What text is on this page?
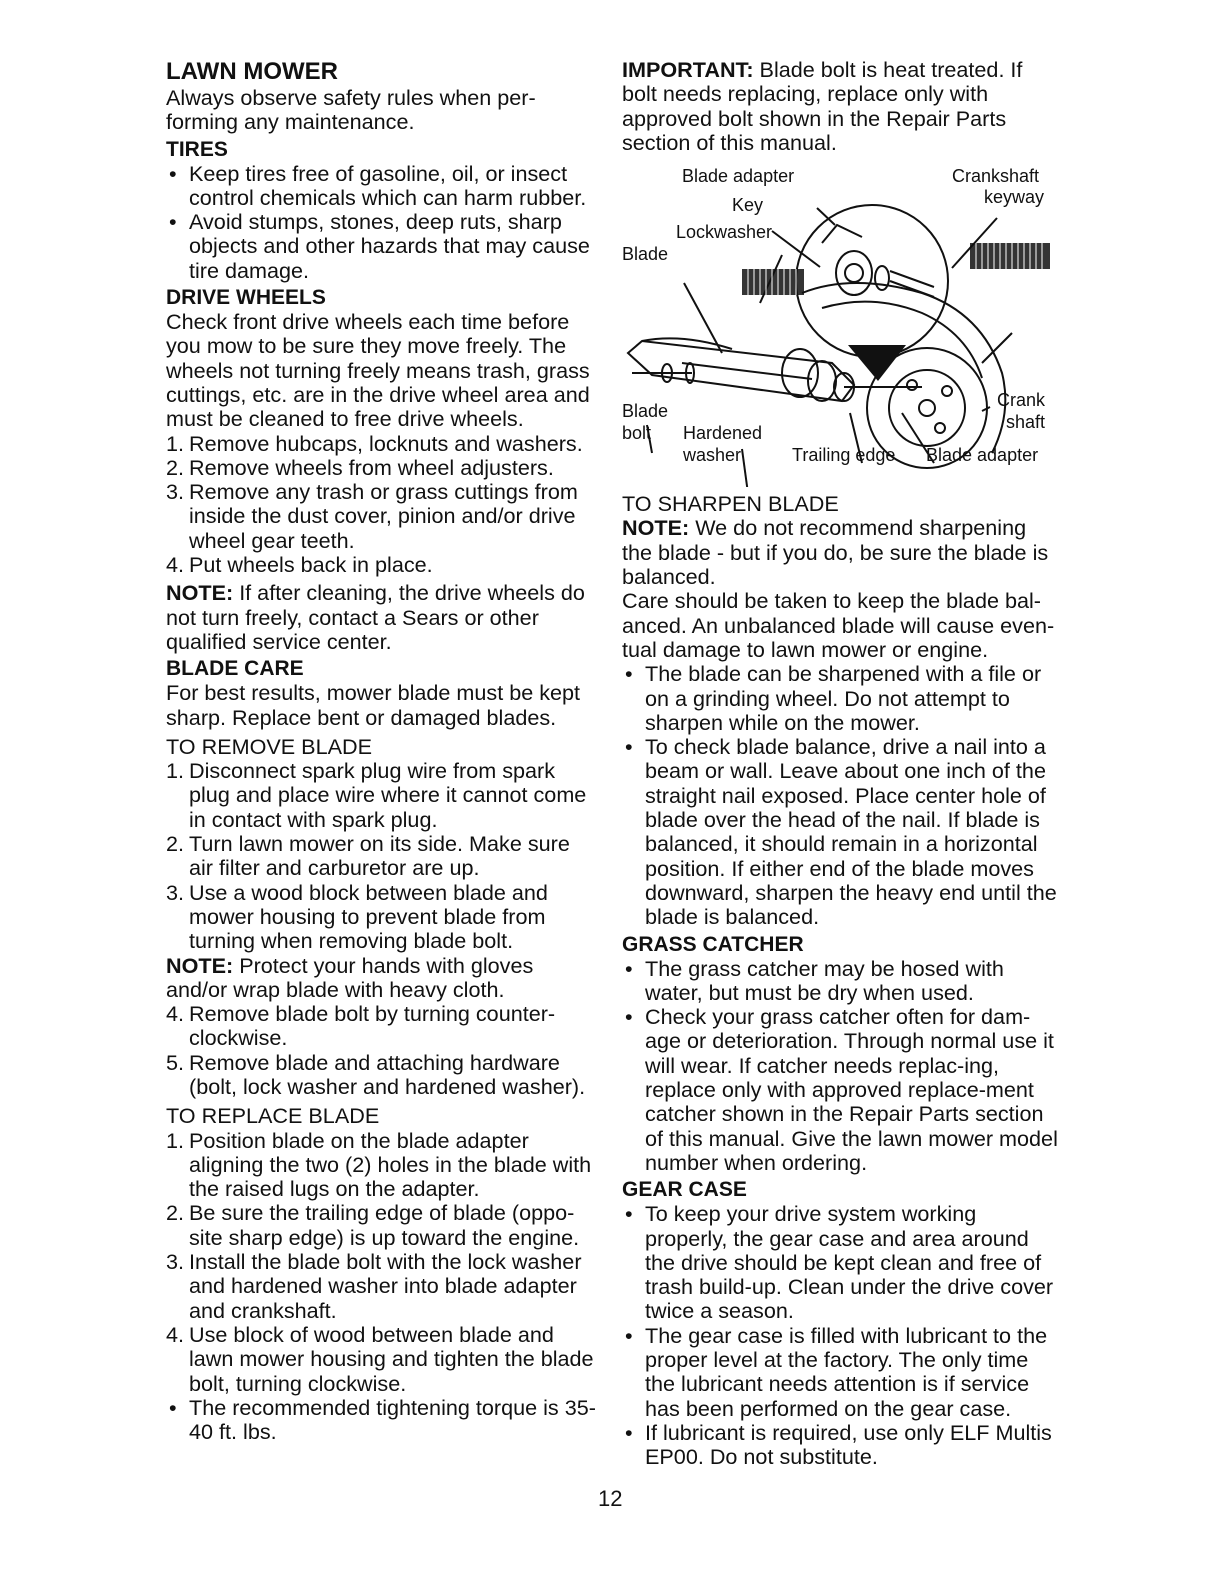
LAWN MOWER

Always observe safety rules when per-forming any maintenance.

TIRES
• Keep tires free of gasoline, oil, or insect control chemicals which can harm rubber.
• Avoid stumps, stones, deep ruts, sharp objects and other hazards that may cause tire damage.
DRIVE WHEELS

Check front drive wheels each time before you mow to be sure they move freely. The wheels not turning freely means trash, grass cuttings, etc. are in the drive wheel area and must be cleaned to free drive wheels.

1. Remove hubcaps, locknuts and washers.
2. Remove wheels from wheel adjusters.
3. Remove any trash or grass cuttings from inside the dust cover, pinion and/or drive wheel gear teeth.
4. Put wheels back in place.

NOTE: If after cleaning, the drive wheels do not turn freely, contact a Sears or other qualified service center.

BLADE CARE

For best results, mower blade must be kept sharp. Replace bent or damaged blades.

TO REMOVE BLADE

1. Disconnect spark plug wire from spark plug and place wire where it cannot come in contact with spark plug.
2. Turn lawn mower on its side. Make sure air filter and carburetor are up.
3. Use a wood block between blade and mower housing to prevent blade from turning when removing blade bolt.

NOTE: Protect your hands with gloves and/or wrap blade with heavy cloth.

4. Remove blade bolt by turning counter-clockwise.
5. Remove blade and attaching hardware (bolt, lock washer and hardened washer).

TO REPLACE BLADE

1. Position blade on the blade adapter aligning the two (2) holes in the blade with the raised lugs on the adapter.
2. Be sure the trailing edge of blade (oppo-site sharp edge) is up toward the engine.
3. Install the blade bolt with the lock washer and hardened washer into blade adapter and crankshaft.
4. Use block of wood between blade and lawn mower housing and tighten the blade bolt, turning clockwise.
• The recommended tightening torque is 35-40 ft. lbs.

IMPORTANT: Blade bolt is heat treated. If bolt needs replacing, replace only with approved bolt shown in the Repair Parts section of this manual.

Blade adapter
Key
Lockwasher
Blade
Crankshaft
keyway
Crank
shaft
Blade
bolt Hardened
washer	Trailing edge Blade adapter

TO SHARPEN BLADE

NOTE: We do not recommend sharpening the blade - but if you do, be sure the blade is balanced.

Care should be taken to keep the blade bal-anced. An unbalanced blade will cause even-tual damage to lawn mower or engine.

• The blade can be sharpened with a file or on a grinding wheel. Do not attempt to sharpen while on the mower.
• To check blade balance, drive a nail into a beam or wall. Leave about one inch of the straight nail exposed. Place center hole of blade over the head of the nail. If blade is balanced, it should remain in a horizontal position. If either end of the blade moves downward, sharpen the heavy end until the blade is balanced.
GRASS CATCHER
• The grass catcher may be hosed with water, but must be dry when used.
• Check your grass catcher often for dam-age or deterioration. Through normal use it will wear. If catcher needs replac-ing, replace only with approved replace-ment catcher shown in the Repair Parts section of this manual. Give the lawn mower model number when ordering.
GEAR CASE
• To keep your drive system working properly, the gear case and area around the drive should be kept clean and free of trash build-up. Clean under the drive cover twice a season.
• The gear case is filled with lubricant to the proper level at the factory. The only time the lubricant needs attention is if service has been performed on the gear case.
• If lubricant is required, use only ELF Multis EP00. Do not substitute.
12
